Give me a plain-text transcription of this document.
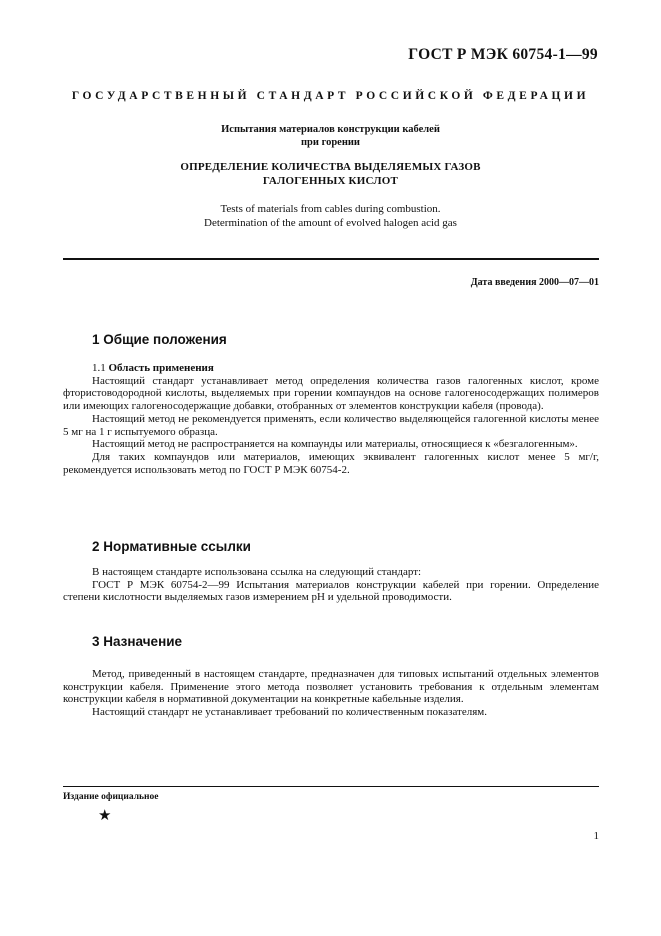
ГОСТ Р МЭК 60754-1—99
ГОСУДАРСТВЕННЫЙ СТАНДАРТ РОССИЙСКОЙ ФЕДЕРАЦИИ
Испытания материалов конструкции кабелей
при горении
ОПРЕДЕЛЕНИЕ КОЛИЧЕСТВА ВЫДЕЛЯЕМЫХ ГАЗОВ
ГАЛОГЕННЫХ КИСЛОТ
Tests of materials from cables during combustion.
Determination of the amount of evolved halogen acid gas
Дата введения 2000—07—01
1 Общие положения

1.1 Область применения

Настоящий стандарт устанавливает метод определения количества газов галогенных кислот, кроме фтористоводородной кислоты, выделяемых при горении компаундов на основе галогеносодержащих полимеров или имеющих галогеносодержащие добавки, отобранных от элементов конструкции кабеля (провода).

Настоящий метод не рекомендуется применять, если количество выделяющейся галогенной кислоты менее 5 мг на 1 г испытуемого образца.

Настоящий метод не распространяется на компаунды или материалы, относящиеся к «безгалогенным».

Для таких компаундов или материалов, имеющих эквивалент галогенных кислот менее 5 мг/г, рекомендуется использовать метод по ГОСТ Р МЭК 60754-2.

2 Нормативные ссылки

В настоящем стандарте использована ссылка на следующий стандарт:

ГОСТ Р МЭК 60754-2—99 Испытания материалов конструкции кабелей при горении. Определение степени кислотности выделяемых газов измерением pH и удельной проводимости.

3 Назначение

Метод, приведенный в настоящем стандарте, предназначен для типовых испытаний отдельных элементов конструкции кабеля. Применение этого метода позволяет установить требования к отдельным элементам конструкции кабеля в нормативной документации на конкретные кабельные изделия.

Настоящий стандарт не устанавливает требований по количественным показателям.

Издание официальное
★
1
